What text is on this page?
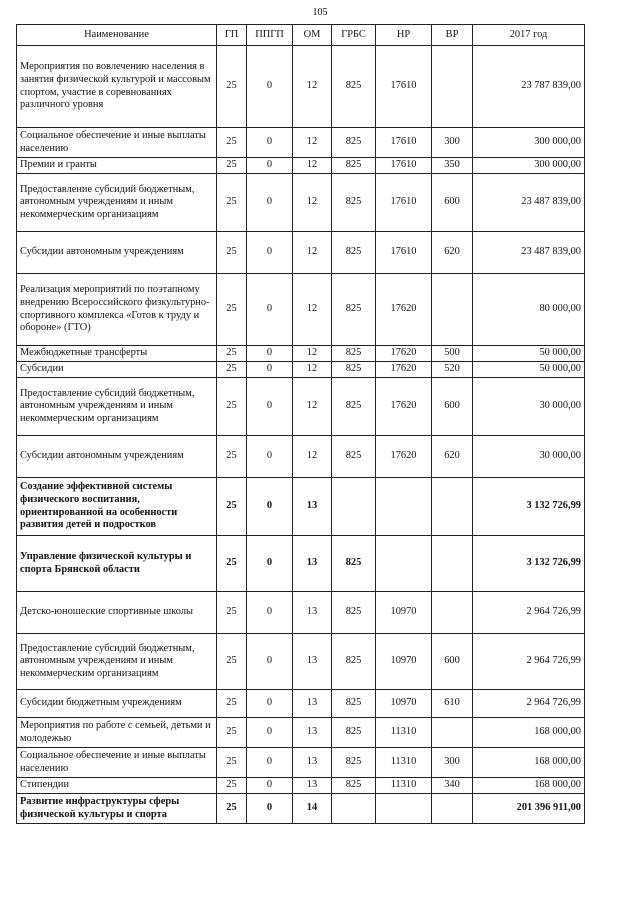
105
Наименование	ГП	ППГП	ОМ	ГРБС	НР	ВР	2017 год
Мероприятия по вовлечению населения в занятия физической культурой и массовым спортом, участие в соревнованиях различного уровня	25	0	12	825	17610		23 787 839,00
Социальное обеспечение и иные выплаты населению	25	0	12	825	17610	300	300 000,00
Премии и гранты	25	0	12	825	17610	350	300 000,00
Предоставление субсидий бюджетным, автономным учреждениям и иным некоммерческим организациям	25	0	12	825	17610	600	23 487 839,00
Субсидии автономным учреждениям	25	0	12	825	17610	620	23 487 839,00
Реализация мероприятий по поэтапному внедрению Всероссийского физкультурно-спортивного комплекса «Готов к труду и обороне» (ГТО)	25	0	12	825	17620		80 000,00
Межбюджетные трансферты	25	0	12	825	17620	500	50 000,00
Субсидии	25	0	12	825	17620	520	50 000,00
Предоставление субсидий бюджетным, автономным учреждениям и иным некоммерческим организациям	25	0	12	825	17620	600	30 000,00
Субсидии автономным учреждениям	25	0	12	825	17620	620	30 000,00
Создание эффективной системы физического воспитания, ориентированной на особенности развития детей и подростков	25	0	13				3 132 726,99
Управление физической культуры и спорта Брянской области	25	0	13	825			3 132 726,99
Детско-юношеские спортивные школы	25	0	13	825	10970		2 964 726,99
Предоставление субсидий бюджетным, автономным учреждениям и иным некоммерческим организациям	25	0	13	825	10970	600	2 964 726,99
Субсидии бюджетным учреждениям	25	0	13	825	10970	610	2 964 726,99
Мероприятия по работе с семьей, детьми и молодежью	25	0	13	825	11310		168 000,00
Социальное обеспечение и иные выплаты населению	25	0	13	825	11310	300	168 000,00
Стипендии	25	0	13	825	11310	340	168 000,00
Развитие инфраструктуры сферы физической культуры и спорта	25	0	14				201 396 911,00
